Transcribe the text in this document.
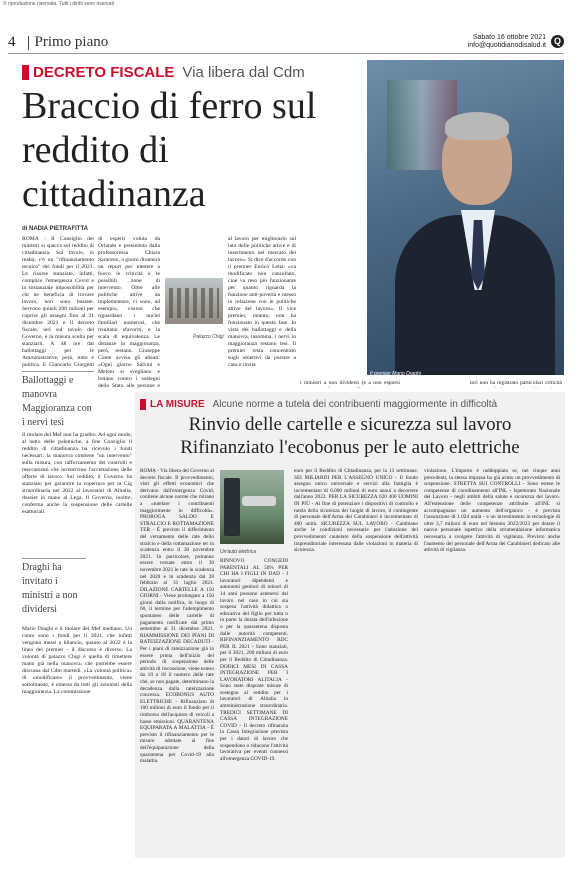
© riproduzione riservata. Tutti i diritti sono riservati
4 Primo piano	Sabato 16 ottobre 2021
info@quotidianodisalud.it Q
DECRETO FISCALE Via libera dal Cdm
Braccio di ferro sul reddito di cittadinanza
di NADIA PIETRAFITTA
Il premier Mario Draghi

ROMA - Il Consiglio dei ministri si spacca sul reddito di cittadinanza. Sul tavolo, in realtà, c'è un "rifinanziamento tecnico" dei fondi per il 2021. Le risorse stanziate, infatti, complice l'emergenza Covid e la sostanziale impossibilità per chi ne beneficia di trovare lavoro, non sono bastate. Servono quindi 200 milioni per coprire gli assegni fino al 31 dicembre 2021 e il decreto fiscale, ieri sul tavolo del Governo, è la misura scelta per stanziarli. A 48 ore dai ballottaggi per le Amministrative, però, tutto è politica. E Giancarlo Giorgetti

Ballottaggi e manovra Maggioranza con i nervi tesi

Il titolare del Mef non ha gradito. Ad ogni modo, al netto delle polemiche, a fine Consiglio il reddito di cittadinanza ha ricevuto i fondi necessari: la manovra contiene "un intervento" sulla misura, con rafforzamento dei controlli e meccanismi che incentivino l'accettazione delle offerte di lavoro. Sul reddito, il Governo ha stanziato per garantire la copertura per la Cig straordinaria nel 2022 ai lavoratori di Alitalia, dossier in mano al Lega. Il Governo, inoltre, conferma anche la sospensione delle cartelle esattoriali.

Draghi ha invitato i ministri a non dividersi

Mario Draghi e il titolare del Mef mediano. Un conto sono i fondi per il 2021, che infatti vengono messi a bilancio, quanto al 2022 è la linea del premier - il discorso è diverso. La volontà di palazzo Chigi è quella di rimettere mano già nella manovra, che potrebbe essere discussa dal Cdm martedì. «La volontà politica» di «modificare» il provvedimento, viene sottolineato, è emersa da tutti gli azionisti della maggioranza. La commissione

di esperti voluta da Orlando e presieduta dalla professoressa Chiara Saraceno, a giorni diramerà un report per mettere a fuoco le criticità e le possibili zone di intervento. Oltre alle politiche attive da implementare, ci sono, ad esempio, visioni che riguardano i nuclei familiari numerosi, che risultano sfavoriti, e la scala di equivalenza. Le distanze in maggioranza, però, restano. Giuseppe Conte avvisa gli alleati: «Ogni giorno Salvini e Meloni si svegliano e lottano contro i sostegni dello Stato alle persone e

Palazzo Chigi

al lavoro per migliorarlo sul lato delle politiche attive e di inserimento nel mercato del lavoro». Si dice d'accordo con il premier Enrico Letta: «va modificato non cancellato, cioè va reso più funzionante per quanto riguarda la funzione anti-povertà e messo in relazione con le politiche attive del lavoro». Il vice premier, intanto, non ha funzionato in questa fase. In vista dei ballottaggi e della manovra, insomma, i nervi in maggioranza restano tesi. Il premier resta concentrato sugli obiettivi da portare a casa e invita

i ministri a non dividersi (e a non esporsi	tori non ha registrato particolari criticità

LA MISURE Alcune norme a tutela dei contribuenti maggiormente in difficoltà
Rinvio delle cartelle e sicurezza sul lavoro
Rifinanziato l'ecobonus per le auto elettriche

ROMA - Via libera del Governo al decreto fiscale. Il provvedimento, visti gli effetti economici che derivano dall'emergenza Covid, contiene alcune norme che mirano a «tutelare i contribuenti maggiormente in difficoltà». PROROGA SALDO E STRALCIO E ROTTAMAZIONE TER - È previsto il differimento del versamento delle rate dello stralcio e della rottamazione ter in scadenza entro il 30 novembre 2021. In particolare, potranno essere versate entro il 30 novembre 2021 le rate in scadenza nel 2020 e in scadenza dal 28 febbraio al 31 luglio 2021. DILAZIONE CARTELLE A 150 GIORNI - Viene prolungato a 150 giorni dalla notifica, in luogo di 60, il termine per l'adempimento spontaneo delle cartelle di pagamento notificate dal primo settembre al 31 dicembre 2021. RIAMMISSIONE DEI PIANI DI RATEIZZAZIONE DECADUTI - Per i piani di rateizzazione già in essere prima dell'inizio del periodo di sospensione delle attività di riscossione, viene esteso da 10 a 18 il numero delle rate che, se non pagate, determinano la decadenza dalla rateizzazione concessa. ECOBONUS AUTO ELETTRICHE - Rifinanziato di 100 milioni di euro il fondo per il rimborso dell'acquisto di veicoli a basse emissioni. QUARANTENA EQUIPARATA A MALATTIA - È previsto il rifinanziamento per le misure adottate al fine dell'equiparazione della quarantena per Covid-19 alla malattia.

Un'auto elettrica

RINNOVO CONGEDI PARENTALI AL 50% PER CHI HA I FIGLI IN DAD - I lavoratori dipendenti e autonomi genitori di minori di 14 anni possono astenersi dal lavoro nel caso in cui sia sospesa l'attività didattica o educativa del figlio per tutta o in parte la durata dell'infezione o per la quarantena disposta dalle autorità competenti. RIFINANZIAMENTO RDC PER IL 2021 - Sono stanziati, per il 2021, 200 milioni di euro per il Reddito di Cittadinanza. DODICI MESI DI CASSA INTEGRAZIONE PER I LAVORATORI ALITALIA - Sono state disposte misure di sostegno al reddito per i lavoratori di Alitalia in amministrazione straordinaria. TREDICI SETTIMANE DI CASSA INTEGRAZIONE COVID - Il decreto rifinanzia la Cassa Integrazione prevista per i datori di lavoro che sospendono o riducono l'attività lavorativa per eventi connessi all'emergenza COVID-19.

euro per il Reddito di Cittadinanza, per la 13 settimane. SEI MILIARDI PER L'ASSEGNO UNICO - Il fondo assegno unico universale e servizi alla famiglia è incrementato di 6.000 milioni di euro annui a decorrere dall'anno 2022. PER LA SICUREZZA 620 400 UOMINI IN PIÙ - Al fine di potenziare i dispositivi di controllo e tutela della sicurezza dei luoghi di lavoro, il contingente di personale dell'Arma dei Carabinieri è incrementato di 400 unità. SICUREZZA SUL LAVORO - Cambiano anche le condizioni necessarie per l'adozione del provvedimento cautelare della sospensione dell'attività imprenditoriale interessata dalle violazioni in materia di sicurezza.

violazione. L'importo è raddoppiato se, nei cinque anni precedenti, la stessa impresa ha già avuto un provvedimento di sospensione. STRETTA SUI CONTROLLI - Sono estese le competenze di coordinamento all'INL - Ispettorato Nazionale del Lavoro - negli ambiti della salute e sicurezza del lavoro. All'estensione delle competenze attribuite all'INL si accompagnano un aumento dell'organico - è prevista l'assunzione di 1.024 unità - e un investimento in tecnologie di oltre 3,7 milioni di euro nel biennio 2022/2023 per dotare il nuovo personale ispettivo della strumentazione informatica necessaria a svolgere l'attività di vigilanza. Previsto anche l'aumento del personale dell'Arma dei Carabinieri dedicato alle attività di vigilanza.
